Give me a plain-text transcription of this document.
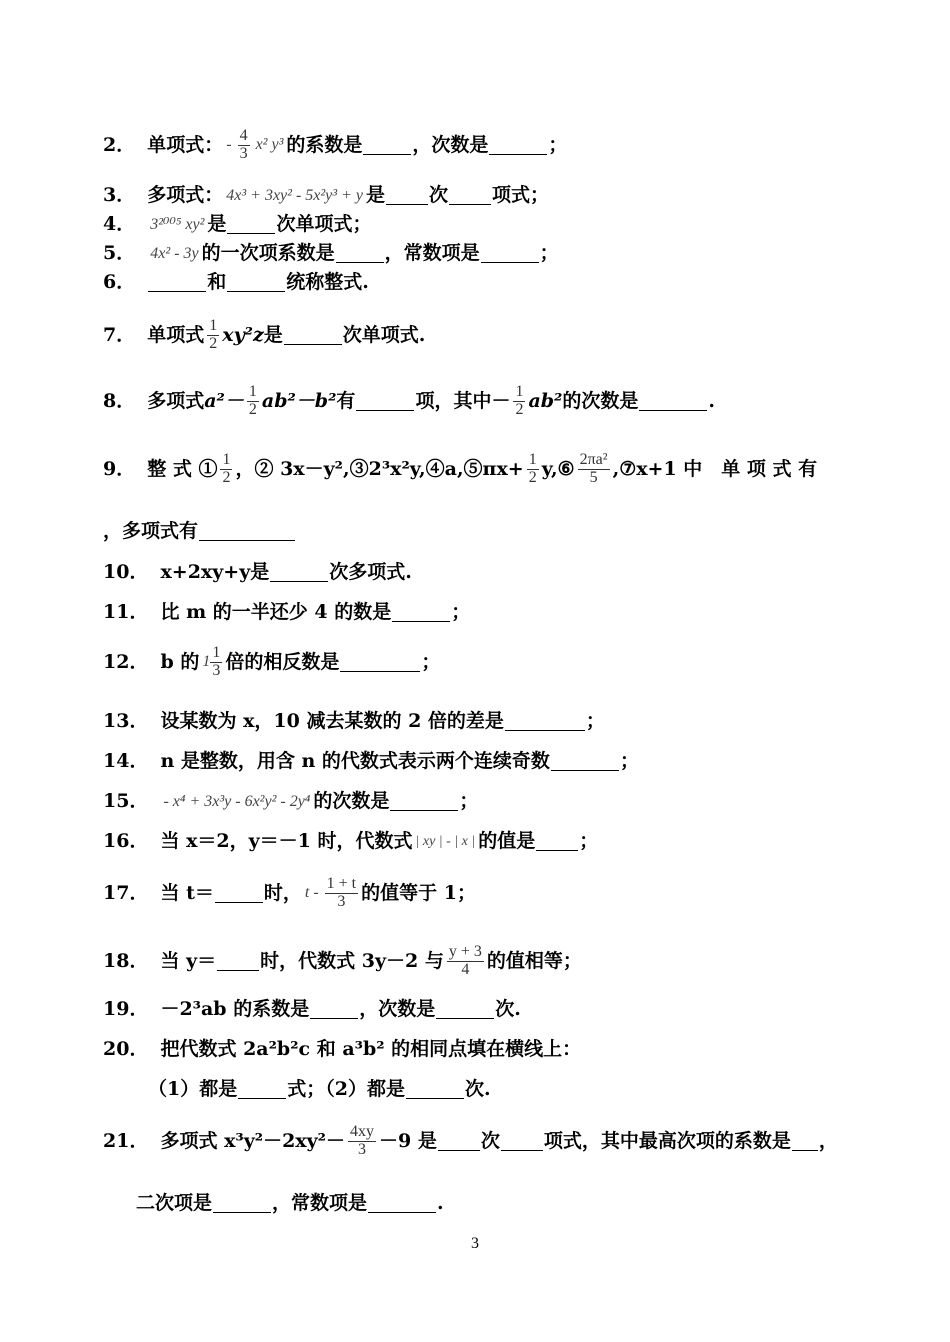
2． 单项式： - $\frac{4}{3} x^2$ y³ 的系数是	，次数是	；
3． 多项式： 4x³ + 3xy² - 5x²y³ + y 是 次 项式；
4． 3²⁰⁰⁵ xy² 是	次单项式；
5． 4x² - 3y 的一次项系数是	，常数项是	；
6．	和	统称整式.
7． 单项式 $\frac{1}{2} xy^2z$ 是	次单项式.
8． 多项式 $a^2- \frac{1}{2} ab^2-b^2$ 有	项，其中－ $\frac{1}{2} ab^2$ 的次数是	.
9． 整 式 ① $\frac{1}{2}$ ，② 3x－y²,③2³x²y,④a,⑤πx+ $\frac{1}{2}$ y,⑥ $\frac{\text{2πa²}}{5}$ ,⑦x+1 中　单 项 式 有
，多项式有
10． x+2xy+y 是	次多项式.
11． 比 m 的一半还少 4 的数是	；
12． b 的 $1 \frac{1}{3}$ 倍的相反数是	；
13． 设某数为 x，10 减去某数的 2 倍的差是	；
14． n 是整数，用含 n 的代数式表示两个连续奇数	；
15． - x⁴ + 3x³y - 6x²y² - 2y⁴ 的次数是	；
16． 当 x＝2，y＝－1 时，代数式 | xy | - | x | 的值是 ；
17． 当 t＝	时， t - $\frac{1 + t}{3}$ 的值等于 1；
18． 当 y＝ 时，代数式 3y－2 与 $\frac{y + 3}{4}$ 的值相等；
19． －2³ab 的系数是	，次数是	次.
20． 把代数式 2a²b²c 和 a³b² 的相同点填在横线上：
（1）都是	式；（2）都是	次.
21． 多项式 $x^3y^2-2xy^2- \frac{4xy}{3} -9$ 是 次 项式，其中最高次项的系数是 ，
二次项是	，常数项是	.
3
